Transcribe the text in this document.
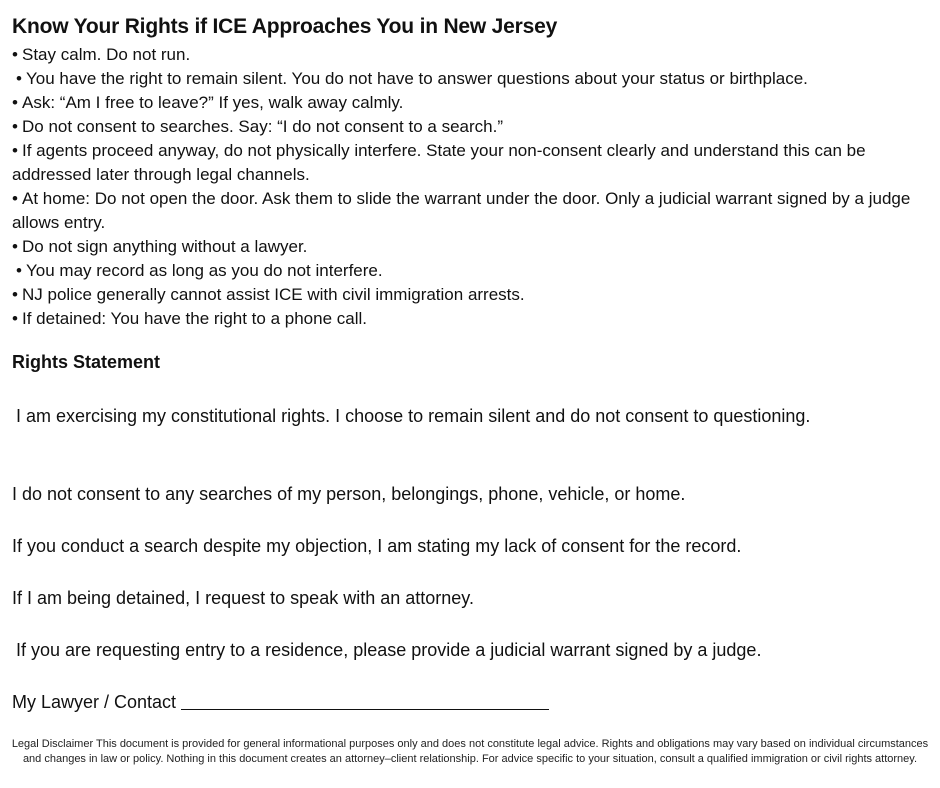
Know Your Rights if ICE Approaches You in New Jersey
• Stay calm. Do not run.
• You have the right to remain silent. You do not have to answer questions about your status or birthplace.
• Ask: “Am I free to leave?” If yes, walk away calmly.
• Do not consent to searches. Say: “I do not consent to a search.”
• If agents proceed anyway, do not physically interfere. State your non-consent clearly and understand this can be addressed later through legal channels.
• At home: Do not open the door. Ask them to slide the warrant under the door. Only a judicial warrant signed by a judge allows entry.
• Do not sign anything without a lawyer.
• You may record as long as you do not interfere.
• NJ police generally cannot assist ICE with civil immigration arrests.
• If detained: You have the right to a phone call.
Rights Statement

I am exercising my constitutional rights. I choose to remain silent and do not consent to questioning.

I do not consent to any searches of my person, belongings, phone, vehicle, or home.

If you conduct a search despite my objection, I am stating my lack of consent for the record.

If I am being detained, I request to speak with an attorney.

If you are requesting entry to a residence, please provide a judicial warrant signed by a judge.

My Lawyer / Contact

Legal Disclaimer This document is provided for general informational purposes only and does not constitute legal advice. Rights and obligations may vary based on individual circumstances and changes in law or policy. Nothing in this document creates an attorney–client relationship. For advice specific to your situation, consult a qualified immigration or civil rights attorney.
